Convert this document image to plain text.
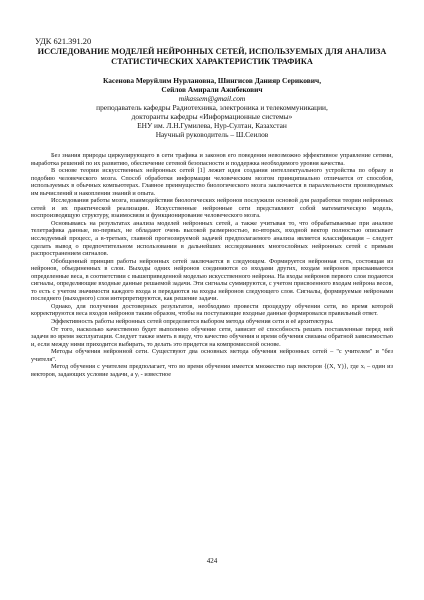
УДК 621.391.20
ИССЛЕДОВАНИЕ МОДЕЛЕЙ НЕЙРОННЫХ СЕТЕЙ, ИСПОЛЬЗУЕМЫХ ДЛЯ АНАЛИЗА СТАТИСТИЧЕСКИХ ХАРАКТЕРИСТИК ТРАФИКА
Касенова Меруйлим Нурлановна, Шингисов Данияр Серикович,
Сейлов Амирали Ажибекович
mikassem@gmail.com
преподаватель кафедры Радиотехника, электроника и телекоммуникации,
докторанты кафедры «Информационные системы»
ЕНУ им. Л.Н.Гумилева, Нур-Султан, Казахстан
Научный руководитель – Ш.Сеилов

Без знания природы циркулирующего в сети трафика и законов его поведения невозможно эффективное управление сетями, выработка решений по их развитию, обеспечение сетевой безопасности и поддержка необходимого уровня качества.

В основе теории искусственных нейронных сетей [1] лежит идея создания интеллектуального устройства по образу и подобию человеческого мозга. Способ обработки информации человеческим мозгом принципиально отличается от способов, используемых в обычных компьютерах. Главное преимущество биологического мозга заключается в параллельности производимых им вычислений и накоплении знаний и опыта.

Исследования работы мозга, взаимодействия биологических нейронов послужили основой для разработки теории нейронных сетей и их практической реализации. Искусственные нейронные сети представляют собой математическую модель, воспроизводящую структуру, взаимосвязи и функционирование человеческого мозга.

Основываясь на результатах анализа моделей нейронных сетей, а также учитывая то, что обрабатываемые при анализе телетрафика данные, во-первых, не обладают очень высокой размерностью, во-вторых, входной вектор полностью описывает исследуемый процесс, а в-третьих, главной прогнозируемой задачей предполагаемого анализа является классификация – следует сделать вывод о предпочтительном использовании в дальнейших исследованиях многослойных нейронных сетей с прямым распространением сигналов.

Обобщенный принцип работы нейронных сетей заключается в следующем. Формируется нейронная сеть, состоящая из нейронов, объединенных в слои. Выходы одних нейронов соединяются со входами других, входам нейронов присваиваются определенные веса, в соответствии с вышеприведенной моделью искусственного нейрона. На входы нейронов первого слоя подаются сигналы, определяющие входные данные решаемой задачи. Эти сигналы суммируются, с учетом присвоенного входам нейрона весов, то есть с учетом значимости каждого входа и передаются на входы нейронов следующего слоя. Сигналы, формируемые нейронами последнего (выходного) слоя интерпретируются, как решение задачи.

Однако, для получения достоверных результатов, необходимо провести процедуру обучения сети, во время которой корректируются веса входов нейронов таким образом, чтобы на поступающие входные данные формировался правильный ответ.

Эффективность работы нейронных сетей определяется выбором метода обучения сети и её архитектуры.

От того, насколько качественно будет выполнено обучение сети, зависит её способность решать поставленные перед ней задачи во время эксплуатации. Следует также иметь в виду, что качество обучения и время обучения связаны обратной зависимостью и, если между ними приходится выбирать, то делать это придется на компромиссной основе.

Методы обучения нейронной сети. Существуют два основных метода обучения нейронных сетей – "с учителем" и "без учителя".

Метод обучения с учителем предполагает, что во время обучения имеется множество пар векторов {(X, Y)}, где xᵢ – один из векторов, задающих условие задачи, а yᵢ - известное

424
